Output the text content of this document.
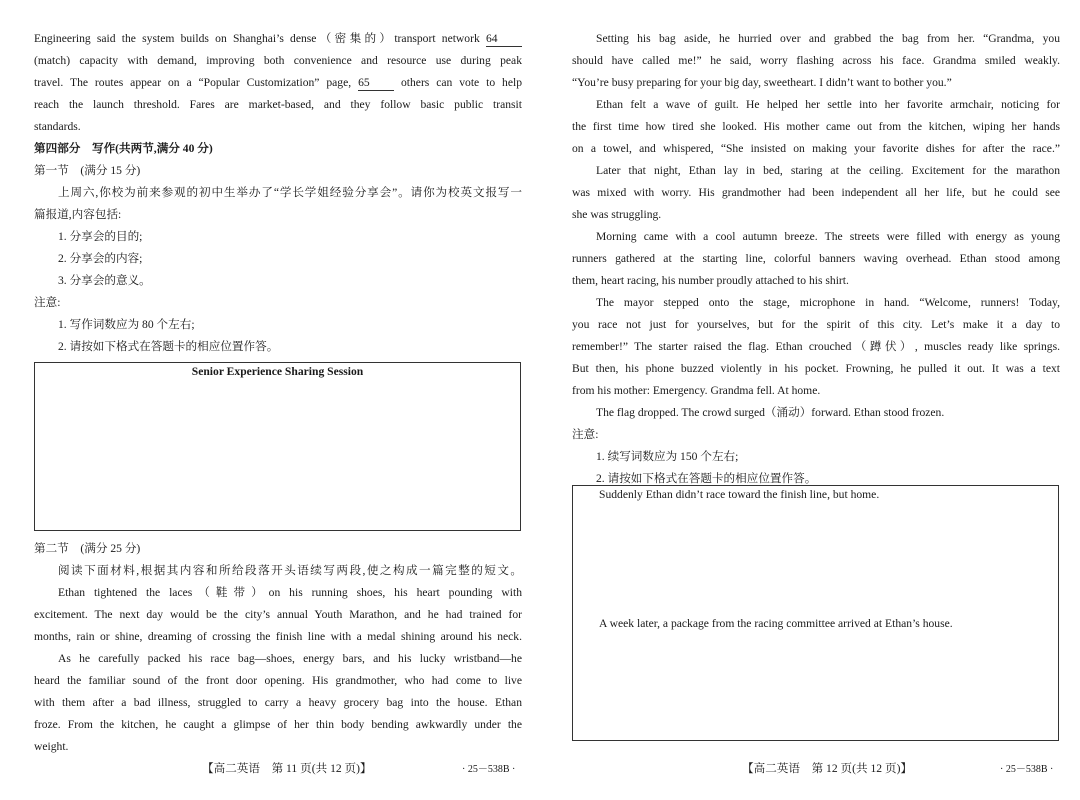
Engineering said the system builds on Shanghai’s dense（密集的）transport network 64
(match) capacity with demand, improving both convenience and resource use during peak
travel. The routes appear on a “Popular Customization” page, 65	others can vote to help
reach the launch threshold. Fares are market-based, and they follow basic public transit
standards.
第四部分　写作(共两节,满分 40 分)
第一节　(满分 15 分)
上周六,你校为前来参观的初中生举办了“学长学姐经验分享会”。请你为校英文报写一
篇报道,内容包括:
1. 分享会的目的;
2. 分享会的内容;
3. 分享会的意义。
注意:
1. 写作词数应为 80 个左右;
2. 请按如下格式在答题卡的相应位置作答。
Senior Experience Sharing Session
第二节　(满分 25 分)
阅读下面材料,根据其内容和所给段落开头语续写两段,使之构成一篇完整的短文。
Ethan tightened the laces（鞋带）on his running shoes, his heart pounding with
excitement. The next day would be the city’s annual Youth Marathon, and he had trained for
months, rain or shine, dreaming of crossing the finish line with a medal shining around his neck.
As he carefully packed his race bag—shoes, energy bars, and his lucky wristband—he
heard the familiar sound of the front door opening. His grandmother, who had come to live
with them after a bad illness, struggled to carry a heavy grocery bag into the house. Ethan
froze. From the kitchen, he caught a glimpse of her thin body bending awkwardly under the
weight.
【高二英语　第 11 页(共 12 页)】	· 25－538B ·
Setting his bag aside, he hurried over and grabbed the bag from her. “Grandma, you
should have called me!” he said, worry flashing across his face. Grandma smiled weakly.
“You’re busy preparing for your big day, sweetheart. I didn’t want to bother you.”
Ethan felt a wave of guilt. He helped her settle into her favorite armchair, noticing for
the first time how tired she looked. His mother came out from the kitchen, wiping her hands
on a towel, and whispered, “She insisted on making your favorite dishes for after the race.”
Later that night, Ethan lay in bed, staring at the ceiling. Excitement for the marathon
was mixed with worry. His grandmother had been independent all her life, but he could see
she was struggling.
Morning came with a cool autumn breeze. The streets were filled with energy as young
runners gathered at the starting line, colorful banners waving overhead. Ethan stood among
them, heart racing, his number proudly attached to his shirt.
The mayor stepped onto the stage, microphone in hand. “Welcome, runners! Today,
you race not just for yourselves, but for the spirit of this city. Let’s make it a day to
remember!” The starter raised the flag. Ethan crouched（蹲伏）, muscles ready like springs.
But then, his phone buzzed violently in his pocket. Frowning, he pulled it out. It was a text
from his mother: Emergency. Grandma fell. At home.
The flag dropped. The crowd surged（涌动）forward. Ethan stood frozen.
注意:
1. 续写词数应为 150 个左右;
2. 请按如下格式在答题卡的相应位置作答。
Suddenly Ethan didn’t race toward the finish line, but home.
A week later, a package from the racing committee arrived at Ethan’s house.
【高二英语　第 12 页(共 12 页)】	· 25－538B ·
